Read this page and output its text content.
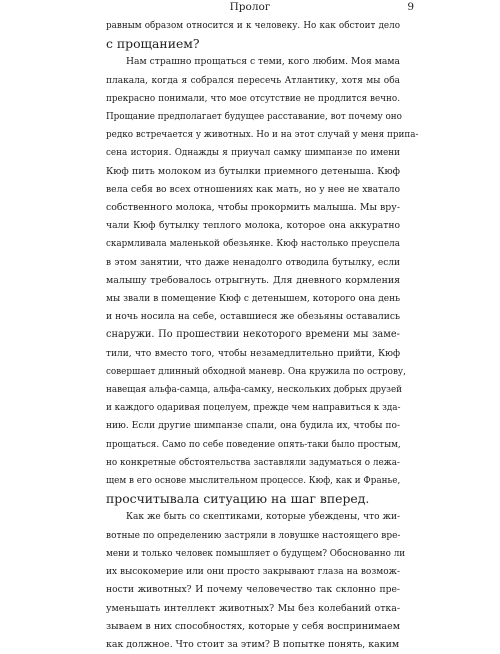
Пролог	9

равным образом относится и к человеку. Но как обстоит дело
с прощанием?

Нам страшно прощаться с теми, кого любим. Моя мама
плакала, когда я собрался пересечь Атлантику, хотя мы оба
прекрасно понимали, что мое отсутствие не продлится вечно.
Прощание предполагает будущее расставание, вот почему оно
редко встречается у животных. Но и на этот случай у меня припа-
сена история. Однажды я приучал самку шимпанзе по имени
Кюф пить молоком из бутылки приемного детеныша. Кюф
вела себя во всех отношениях как мать, но у нее не хватало
собственного молока, чтобы прокормить малыша. Мы вру-
чали Кюф бутылку теплого молока, которое она аккуратно
скармливала маленькой обезьянке. Кюф настолько преуспела
в этом занятии, что даже ненадолго отводила бутылку, если
малышу требовалось отрыгнуть. Для дневного кормления
мы звали в помещение Кюф с детенышем, которого она день
и ночь носила на себе, оставшиеся же обезьяны оставались
снаружи. По прошествии некоторого времени мы заме-
тили, что вместо того, чтобы незамедлительно прийти, Кюф
совершает длинный обходной маневр. Она кружила по острову,
навещая альфа-самца, альфа-самку, нескольких добрых друзей
и каждого одаривая поцелуем, прежде чем направиться к зда-
нию. Если другие шимпанзе спали, она будила их, чтобы по-
прощаться. Само по себе поведение опять-таки было простым,
но конкретные обстоятельства заставляли задуматься о лежа-
щем в его основе мыслительном процессе. Кюф, как и Франье,
просчитывала ситуацию на шаг вперед.

Как же быть со скептиками, которые убеждены, что жи-
вотные по определению застряли в ловушке настоящего вре-
мени и только человек помышляет о будущем? Обоснованно ли
их высокомерие или они просто закрывают глаза на возмож-
ности животных? И почему человечество так склонно пре-
уменьшать интеллект животных? Мы без колебаний отка-
зываем в них способностях, которые у себя воспринимаем
как должное. Что стоит за этим? В попытке понять, каким
